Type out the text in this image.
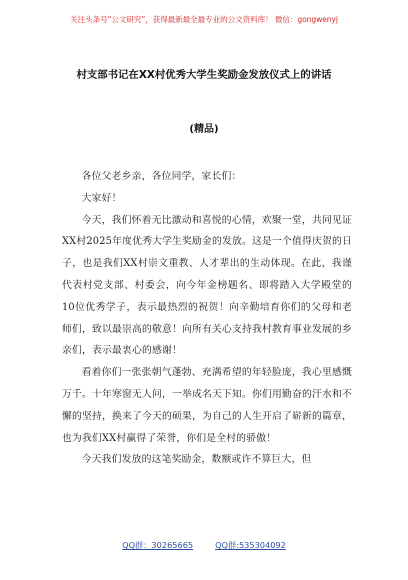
关注头条号“公文研究”，获得最新最全最专业的公文资料库！ 微信：gongwenyj
村支部书记在XX村优秀大学生奖励金发放仪式上的讲话
(精品)

各位父老乡亲，各位同学，家长们：

大家好！

今天，我们怀着无比激动和喜悦的心情，欢聚一堂，共同见证XX村2025年度优秀大学生奖励金的发放。这是一个值得庆贺的日子，也是我们XX村崇文重教、人才辈出的生动体现。在此，我谨代表村党支部、村委会，向今年金榜题名、即将踏入大学殿堂的10位优秀学子，表示最热烈的祝贺！向辛勤培育你们的父母和老师们，致以最崇高的敬意！向所有关心支持我村教育事业发展的乡亲们，表示最衷心的感谢！

看着你们一张张朝气蓬勃、充满希望的年轻脸庞，我心里感慨万千。十年寒窗无人问，一举成名天下知。你们用勤奋的汗水和不懈的坚持，换来了今天的硕果，为自己的人生开启了崭新的篇章，也为我们XX村赢得了荣誉，你们是全村的骄傲！

今天我们发放的这笔奖励金，数额或许不算巨大，但

QQ群：30265665	QQ群:535304092
